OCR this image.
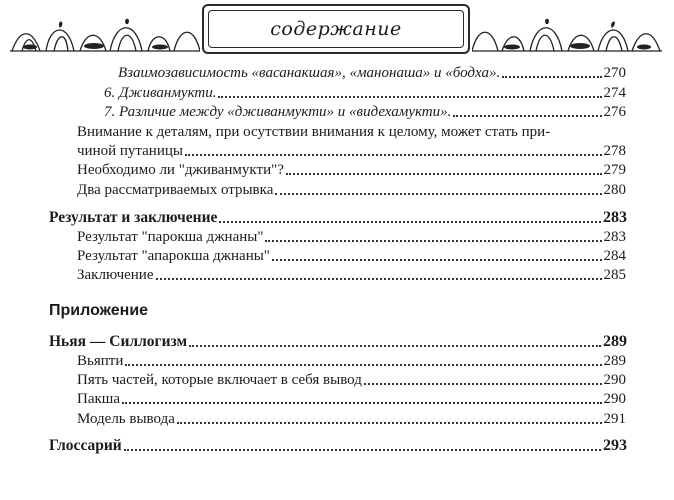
содержание
Взаимозависимость «васанакшая», «манонаша» и «бодха».	270
6. Дживанмукти.	274
7. Различие между «дживанмукти» и «видехамукти».	276
Внимание к деталям, при осутствии внимания к целому, может стать при-
чиной путаницы	278
Необходимо ли "дживанмукти"?	279
Два рассматриваемых отрывка	280
Результат и заключение	283
Результат "парокша джнаны"	283
Результат "апарокша джнаны"	284
Заключение	285
Приложение
Ньяя — Силлогизм	289
Вьяпти	289
Пять частей, которые включает в себя вывод	290
Пакша	290
Модель вывода	291
Глоссарий	293
